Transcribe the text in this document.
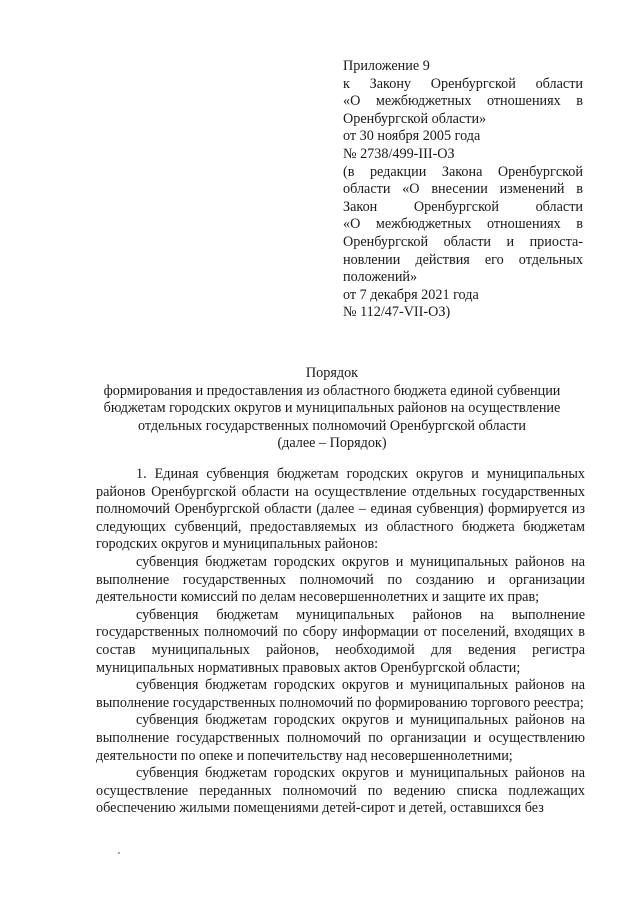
Приложение 9
к Закону Оренбургской области
«О межбюджетных отношениях в
Оренбургской области»
от 30 ноября 2005 года
№ 2738/499-III-ОЗ
(в редакции Закона Оренбургской
области «О внесении изменений в
Закон Оренбургской области
«О межбюджетных отношениях в
Оренбургской области и приоста-
новлении действия его отдельных
положений»
от 7 декабря 2021 года
№ 112/47-VII-ОЗ)
Порядок
формирования и предоставления из областного бюджета единой субвенции
бюджетам городских округов и муниципальных районов на осуществление
отдельных государственных полномочий Оренбургской области
(далее – Порядок)

1. Единая субвенция бюджетам городских округов и муниципальных районов Оренбургской области на осуществление отдельных государственных полномочий Оренбургской области (далее – единая субвенция) формируется из следующих субвенций, предоставляемых из областного бюджета бюджетам городских округов и муниципальных районов:

субвенция бюджетам городских округов и муниципальных районов на выполнение государственных полномочий по созданию и организации деятельности комиссий по делам несовершеннолетних и защите их прав;

субвенция бюджетам муниципальных районов на выполнение государственных полномочий по сбору информации от поселений, входящих в состав муниципальных районов, необходимой для ведения регистра муниципальных нормативных правовых актов Оренбургской области;

субвенция бюджетам городских округов и муниципальных районов на выполнение государственных полномочий по формированию торгового реестра;

субвенция бюджетам городских округов и муниципальных районов на выполнение государственных полномочий по организации и осуществлению деятельности по опеке и попечительству над несовершеннолетними;

субвенция бюджетам городских округов и муниципальных районов на осуществление переданных полномочий по ведению списка подлежащих обеспечению жилыми помещениями детей-сирот и детей, оставшихся без
